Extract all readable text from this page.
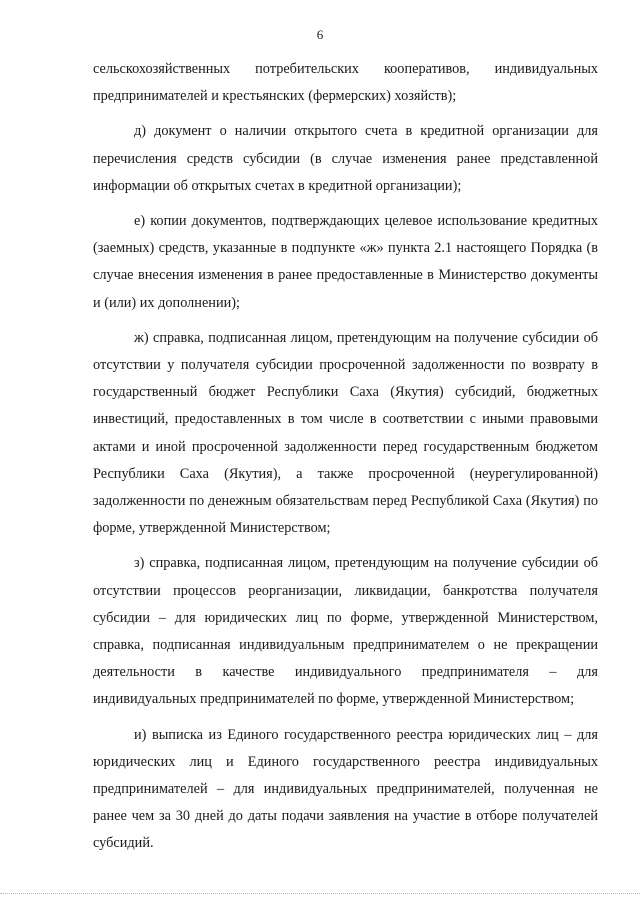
6

сельскохозяйственных потребительских кооперативов, индивидуальных предпринимателей и крестьянских (фермерских) хозяйств);

д) документ о наличии открытого счета в кредитной организации для перечисления средств субсидии (в случае изменения ранее представленной информации об открытых счетах в кредитной организации);

е) копии документов, подтверждающих целевое использование кредитных (заемных) средств, указанные в подпункте «ж» пункта 2.1 настоящего Порядка (в случае внесения изменения в ранее предоставленные в Министерство документы и (или) их дополнении);

ж) справка, подписанная лицом, претендующим на получение субсидии об отсутствии у получателя субсидии просроченной задолженности по возврату в государственный бюджет Республики Саха (Якутия) субсидий, бюджетных инвестиций, предоставленных в том числе в соответствии с иными правовыми актами и иной просроченной задолженности перед государственным бюджетом Республики Саха (Якутия), а также просроченной (неурегулированной) задолженности по денежным обязательствам перед Республикой Саха (Якутия) по форме, утвержденной Министерством;

з) справка, подписанная лицом, претендующим на получение субсидии об отсутствии процессов реорганизации, ликвидации, банкротства получателя субсидии – для юридических лиц по форме, утвержденной Министерством, справка, подписанная индивидуальным предпринимателем о не прекращении деятельности в качестве индивидуального предпринимателя – для индивидуальных предпринимателей по форме, утвержденной Министерством;

и) выписка из Единого государственного реестра юридических лиц – для юридических лиц и Единого государственного реестра индивидуальных предпринимателей – для индивидуальных предпринимателей, полученная не ранее чем за 30 дней до даты подачи заявления на участие в отборе получателей субсидий.
